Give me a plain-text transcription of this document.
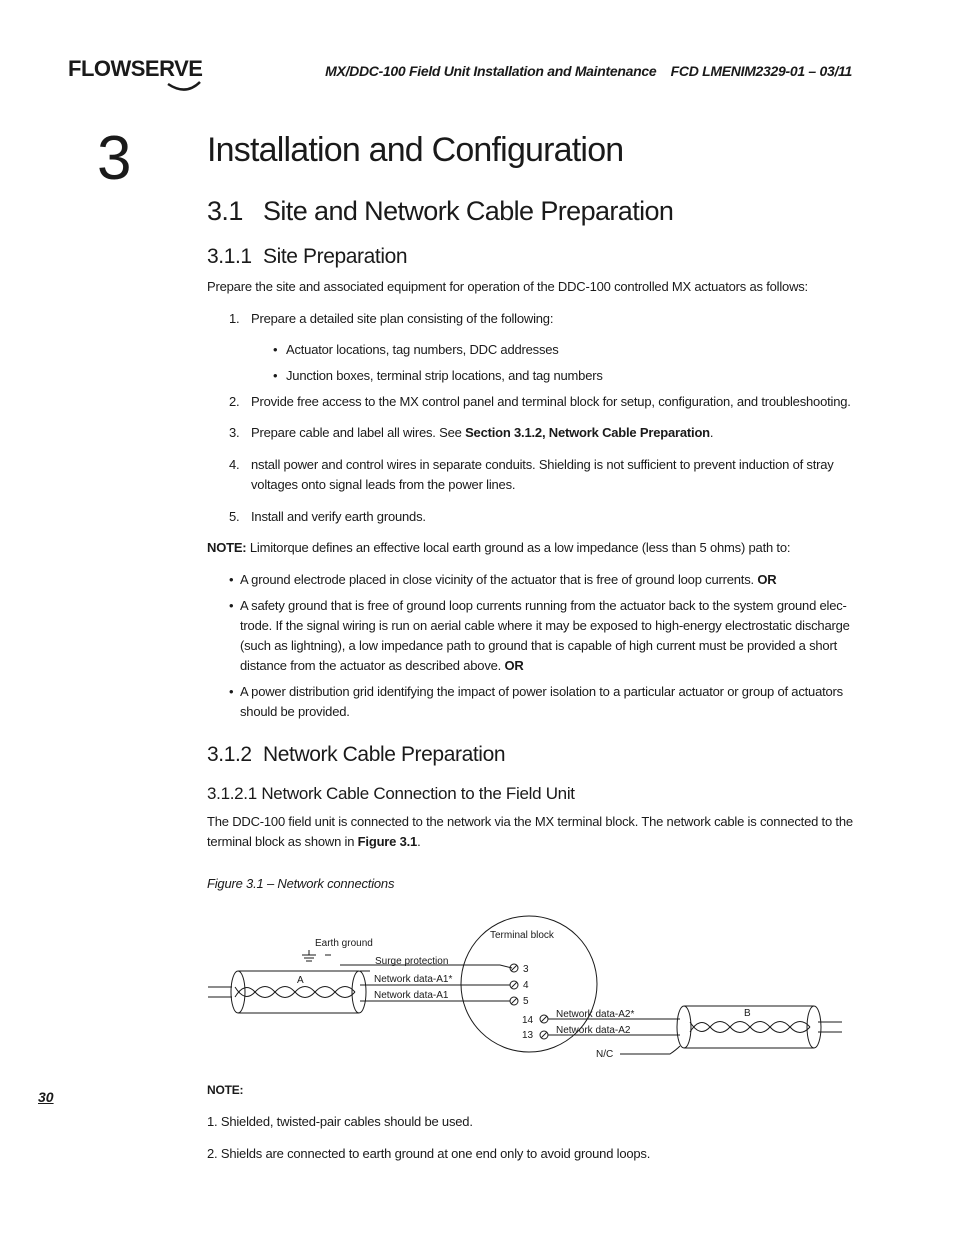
FLOWSERVE	MX/DDC-100 Field Unit Installation and Maintenance    FCD LMENIM2329-01 – 03/11
3 Installation and Configuration
3.1 Site and Network Cable Preparation
3.1.1 Site Preparation

Prepare the site and associated equipment for operation of the DDC-100 controlled MX actuators as follows:

1. Prepare a detailed site plan consisting of the following:
• Actuator locations, tag numbers, DDC addresses
• Junction boxes, terminal strip locations, and tag numbers
2. Provide free access to the MX control panel and terminal block for setup, configuration, and troubleshooting.
3. Prepare cable and label all wires. See Section 3.1.2, Network Cable Preparation.
4. nstall power and control wires in separate conduits. Shielding is not sufficient to prevent induction of stray
voltages onto signal leads from the power lines.
5. Install and verify earth grounds.

NOTE: Limitorque defines an effective local earth ground as a low impedance (less than 5 ohms) path to:

• A ground electrode placed in close vicinity of the actuator that is free of ground loop currents. OR
• A safety ground that is free of ground loop currents running from the actuator back to the system ground elec-
trode. If the signal wiring is run on aerial cable where it may be exposed to high-energy electrostatic discharge
(such as lightning), a low impedance path to ground that is capable of high current must be provided a short
distance from the actuator as described above. OR
• A power distribution grid identifying the impact of power isolation to a particular actuator or group of actuators
should be provided.
3.1.2 Network Cable Preparation
3.1.2.1 Network Cable Connection to the Field Unit

The DDC-100 field unit is connected to the network via the MX terminal block. The network cable is connected to the

terminal block as shown in Figure 3.1.

Figure 3.1 – Network connections
Terminal block
Earth ground
Surge protection
A	Network data-A1*
Network data-A1
3
4
5
14
13
Network data-A2*
Network data-A2
N/C
B
30	NOTE:

1. Shielded, twisted-pair cables should be used.

2. Shields are connected to earth ground at one end only to avoid ground loops.
